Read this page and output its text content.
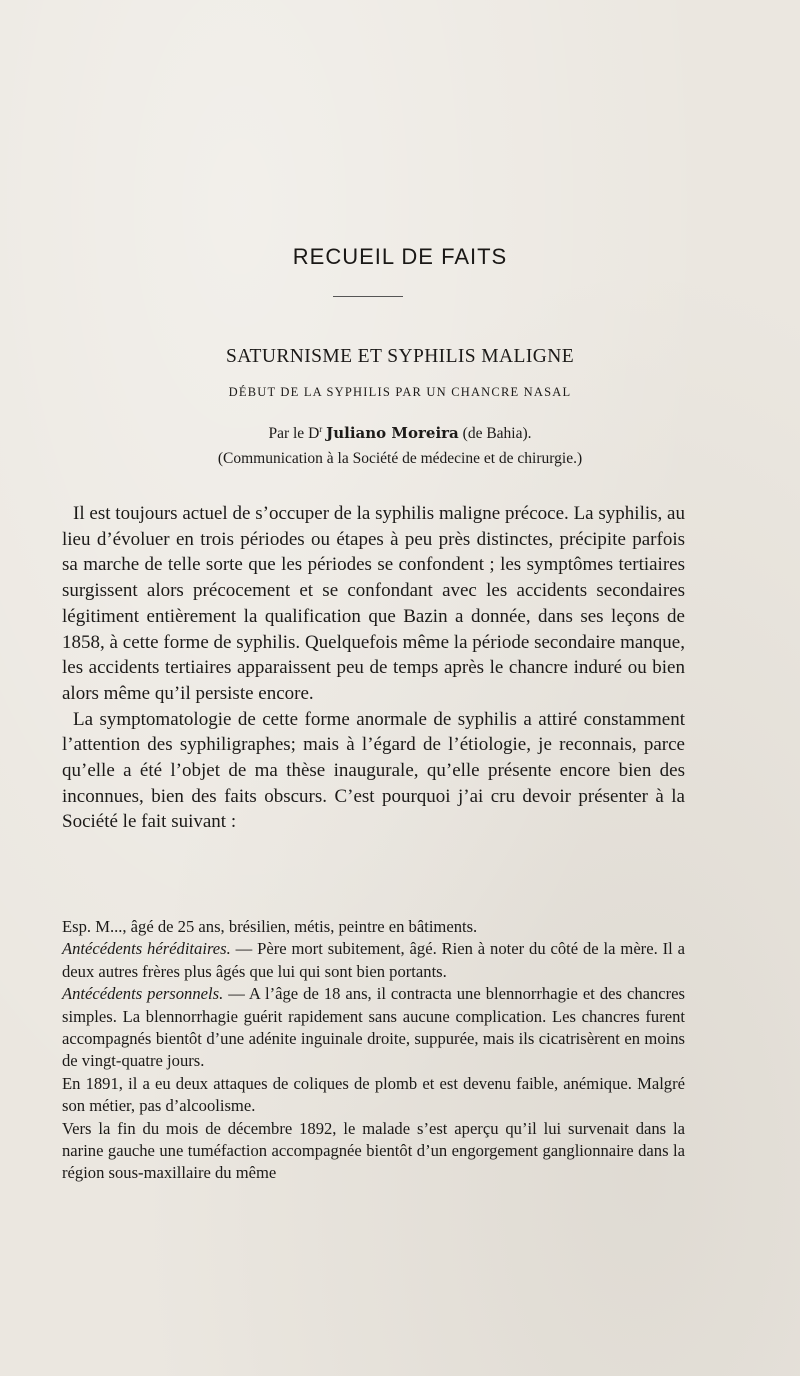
RECUEIL DE FAITS
SATURNISME ET SYPHILIS MALIGNE
DÉBUT DE LA SYPHILIS PAR UN CHANCRE NASAL
Par le $D^r$ Juliano Moreira (de Bahia).
(Communication à la Société de médecine et de chirurgie.)

Il est toujours actuel de s’occuper de la syphilis maligne précoce. La syphilis, au lieu d’évoluer en trois périodes ou étapes à peu près distinctes, précipite parfois sa marche de telle sorte que les périodes se confondent ; les symptômes tertiaires surgissent alors précocement et se confondant avec les accidents secondaires légitiment entièrement la qualification que Bazin a donnée, dans ses leçons de 1858, à cette forme de syphilis. Quelquefois même la période secondaire manque, les accidents tertiaires apparaissent peu de temps après le chancre induré ou bien alors même qu’il persiste encore.

La symptomatologie de cette forme anormale de syphilis a attiré constamment l’attention des syphiligraphes; mais à l’égard de l’étiologie, je reconnais, parce qu’elle a été l’objet de ma thèse inaugurale, qu’elle présente encore bien des inconnues, bien des faits obscurs. C’est pourquoi j’ai cru devoir présenter à la Société le fait suivant :

Esp. M..., âgé de 25 ans, brésilien, métis, peintre en bâtiments.

Antécédents héréditaires. — Père mort subitement, âgé. Rien à noter du côté de la mère. Il a deux autres frères plus âgés que lui qui sont bien portants.

Antécédents personnels. — A l’âge de 18 ans, il contracta une blennorrhagie et des chancres simples. La blennorrhagie guérit rapidement sans aucune complication. Les chancres furent accompagnés bientôt d’une adénite inguinale droite, suppurée, mais ils cicatrisèrent en moins de vingt-quatre jours.

En 1891, il a eu deux attaques de coliques de plomb et est devenu faible, anémique. Malgré son métier, pas d’alcoolisme.

Vers la fin du mois de décembre 1892, le malade s’est aperçu qu’il lui survenait dans la narine gauche une tuméfaction accompagnée bientôt d’un engorgement ganglionnaire dans la région sous-maxillaire du même
